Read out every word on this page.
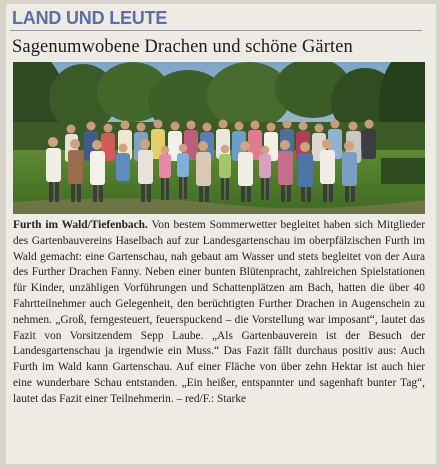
LAND UND LEUTE
Sagenumwobene Drachen und schöne Gärten
Furth im Wald/Tiefenbach. Von bestem Sommerwetter begleitet haben sich Mitglieder des Gartenbauvereins Haselbach auf zur Landesgartenschau im oberpfälzischen Furth im Wald gemacht: eine Gartenschau, nah gebaut am Wasser und stets begleitet von der Aura des Further Drachen Fanny. Neben einer bunten Blütenpracht, zahlreichen Spielstationen für Kinder, unzähligen Vorführungen und Schattenplätzen am Bach, hatten die über 40 Fahrtteilnehmer auch Gelegenheit, den berüchtigten Further Drachen in Augenschein zu nehmen. „Groß, ferngesteuert, feuerspuckend – die Vorstellung war imposant“, lautet das Fazit von Vorsitzendem Sepp Laube. „Als Gartenbauverein ist der Besuch der Landesgartenschau ja irgendwie ein Muss.“ Das Fazit fällt durchaus positiv aus: Auch Furth im Wald kann Gartenschau. Auf einer Fläche von über zehn Hektar ist auch hier eine wunderbare Schau entstanden. „Ein heißer, entspannter und sagenhaft bunter Tag“, lautet das Fazit einer Teilnehmerin. – red/F.: Starke
